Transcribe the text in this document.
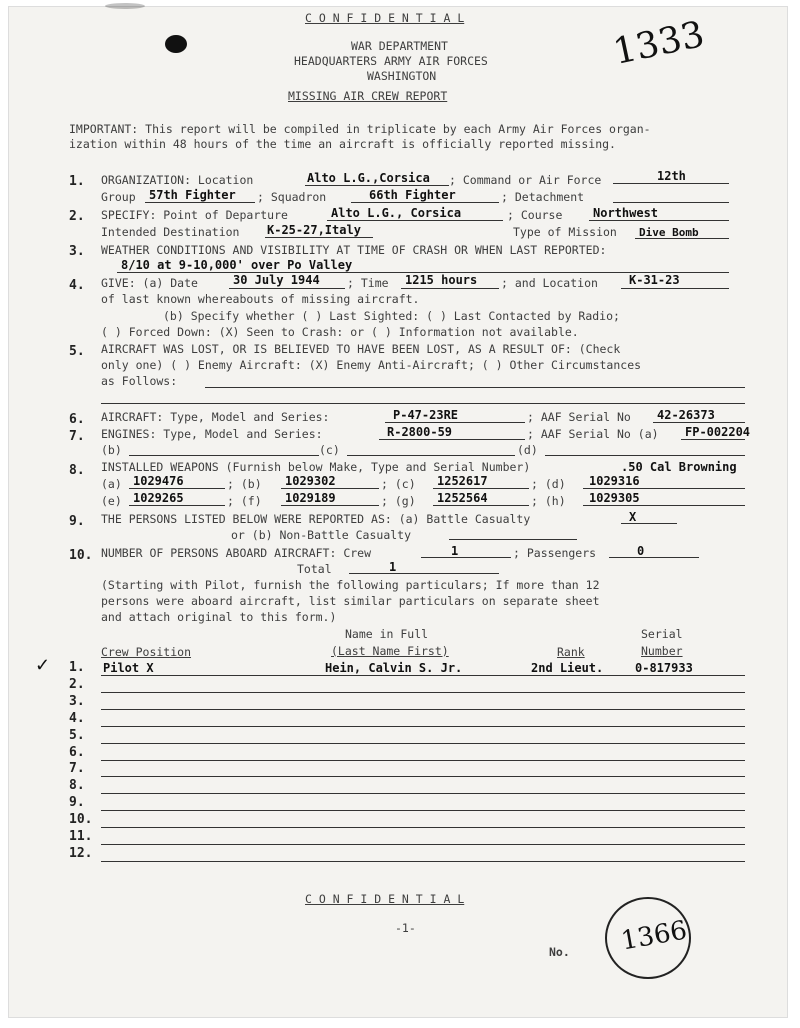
1333
C O N F I D E N T I A L
WAR DEPARTMENT
HEADQUARTERS ARMY AIR FORCES
WASHINGTON
MISSING AIR CREW REPORT
IMPORTANT: This report will be compiled in triplicate by each Army Air Forces organ-
ization within 48 hours of the time an aircraft is officially reported missing.
1. ORGANIZATION: Location	Alto L.G.,Corsica ; Command or Air Force	12th
Group 57th Fighter ; Squadron	66th Fighter	; Detachment
2. SPECIFY: Point of Departure	Alto L.G., Corsica	; Course	Northwest
Intended Destination K-25-27,Italy	Type of Mission Dive Bomb
3. WEATHER CONDITIONS AND VISIBILITY AT TIME OF CRASH OR WHEN LAST REPORTED:
8/10 at 9-10,000' over Po Valley
4. GIVE: (a) Date	30 July 1944 ; Time 1215 hours ; and Location	K-31-23
of last known whereabouts of missing aircraft.
(b) Specify whether ( ) Last Sighted: ( ) Last Contacted by Radio;
( ) Forced Down: (X) Seen to Crash: or ( ) Information not available.
5. AIRCRAFT WAS LOST, OR IS BELIEVED TO HAVE BEEN LOST, AS A RESULT OF: (Check
only one) ( ) Enemy Aircraft: (X) Enemy Anti-Aircraft; ( ) Other Circumstances
as Follows:
6. AIRCRAFT: Type, Model and Series:	P-47-23RE	; AAF Serial No 42-26373
7. ENGINES: Type, Model and Series:	R-2800-59	; AAF Serial No (a) FP-002204
(b)	(c)	(d)
8. INSTALLED WEAPONS (Furnish below Make, Type and Serial Number)	.50 Cal Browning
(a) 1029476	; (b) 1029302	; (c) 1252617	; (d) 1029316
(e) 1029265	; (f) 1029189	; (g) 1252564	; (h) 1029305
9. THE PERSONS LISTED BELOW WERE REPORTED AS: (a) Battle Casualty	X
or (b) Non-Battle Casualty
10. NUMBER OF PERSONS ABOARD AIRCRAFT: Crew	1	; Passengers	0
Total	1
(Starting with Pilot, furnish the following particulars; If more than 12
persons were aboard aircraft, list similar particulars on separate sheet
and attach original to this form.)
Name in Full	Serial
Crew Position	(Last Name First)	Rank	Number
✓ 1. Pilot X	Hein, Calvin S. Jr.	2nd Lieut.	0-817933
2.
3.
4.
5.
6.
7.
8.
9.
10.
11.
12.
C O N F I D E N T I A L
-1-
No. 1366
